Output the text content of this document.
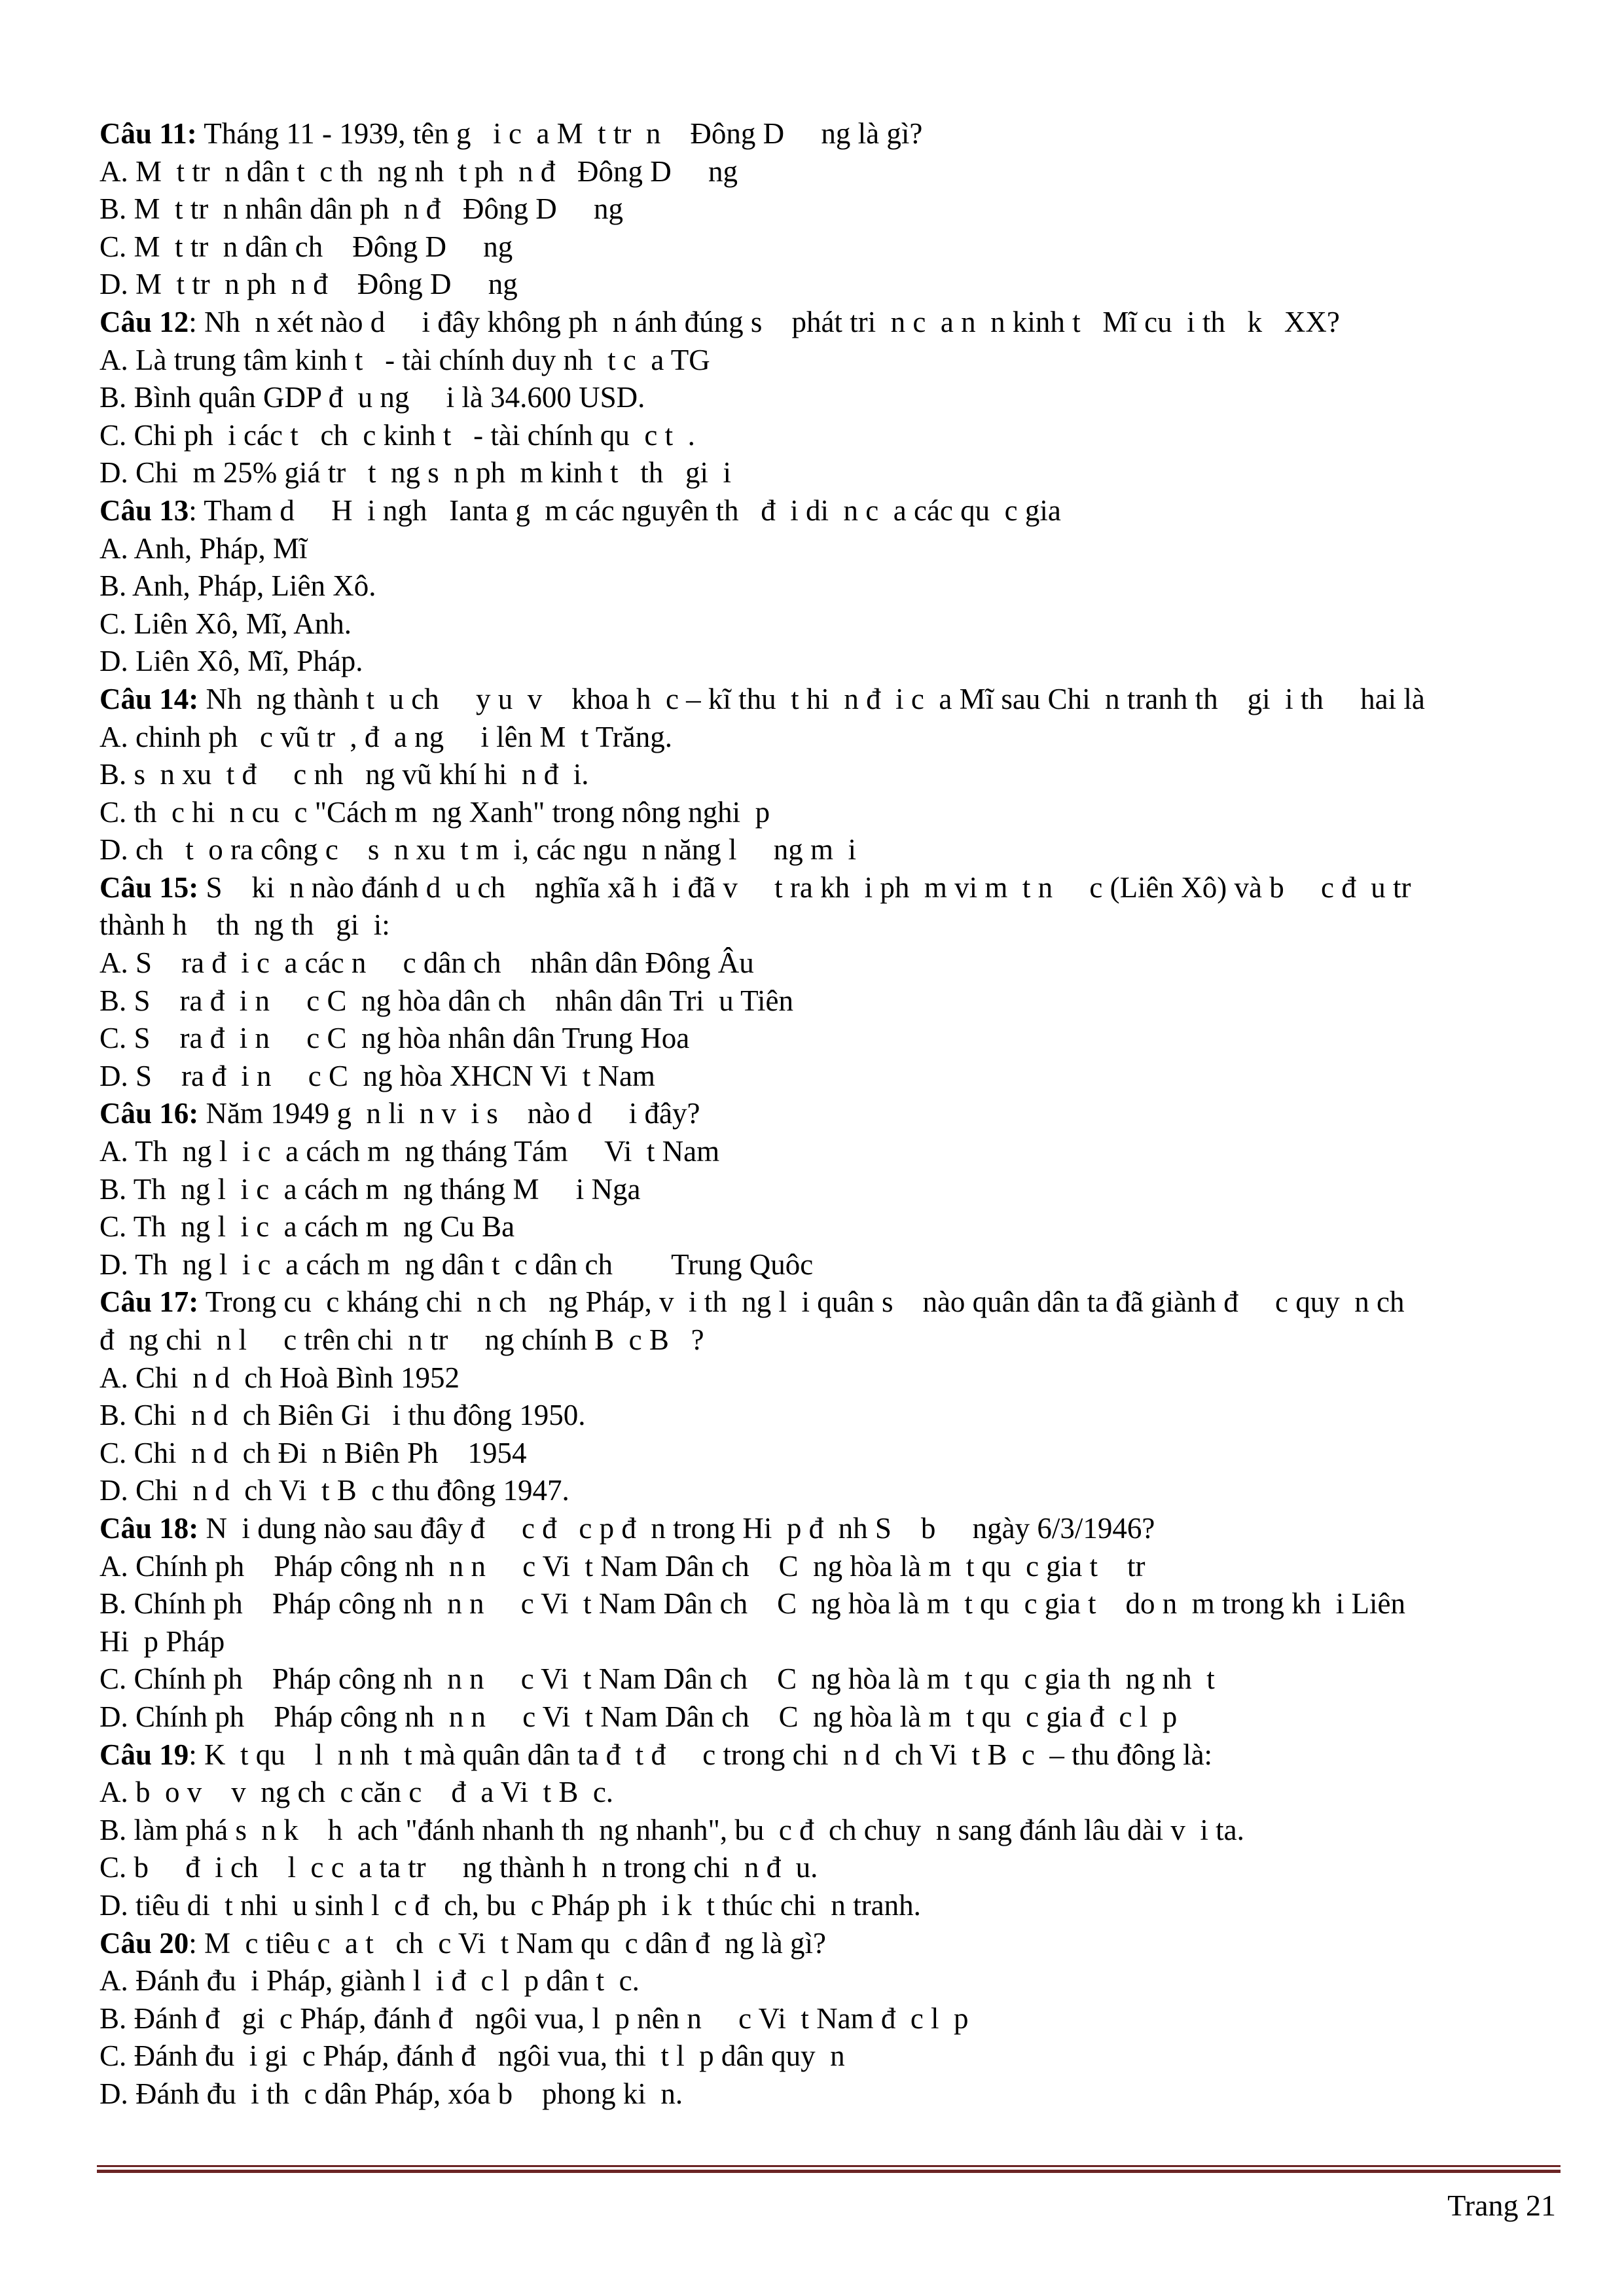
Câu 11: Tháng 11 - 1939, tên g   i c  a M  t tr  n    Đông D     ng là gì?
A. M  t tr  n dân t  c th  ng nh  t ph  n đ   Đông D     ng
B. M  t tr  n nhân dân ph  n đ   Đông D     ng
C. M  t tr  n dân ch    Đông D     ng
D. M  t tr  n ph  n đ    Đông D     ng
Câu 12: Nh  n xét nào d     i đây không ph  n ánh đúng s    phát tri  n c  a n  n kinh t   Mĩ cu  i th   k   XX?
A. Là trung tâm kinh t   - tài chính duy nh  t c  a TG
B. Bình quân GDP đ  u ng     i là 34.600 USD.
C. Chi ph  i các t   ch  c kinh t   - tài chính qu  c t  .
D. Chi  m 25% giá tr   t  ng s  n ph  m kinh t   th   gi  i
Câu 13: Tham d     H  i ngh   Ianta g  m các nguyên th   đ  i di  n c  a các qu  c gia
A. Anh, Pháp, Mĩ
B. Anh, Pháp, Liên Xô.
C. Liên Xô, Mĩ, Anh.
D. Liên Xô, Mĩ, Pháp.
Câu 14: Nh  ng thành t  u ch     y u  v    khoa h  c – kĩ thu  t hi  n đ  i c  a Mĩ sau Chi  n tranh th    gi  i th     hai là
A. chinh ph   c vũ tr  , đ  a ng     i lên M  t Trăng.
B. s  n xu  t đ     c nh   ng vũ khí hi  n đ  i.
C. th  c hi  n cu  c "Cách m  ng Xanh" trong nông nghi  p
D. ch   t  o ra công c    s  n xu  t m  i, các ngu  n năng l     ng m  i
Câu 15: S    ki  n nào đánh d  u ch    nghĩa xã h  i đã v     t ra kh  i ph  m vi m  t n     c (Liên Xô) và b     c đ  u tr
thành h    th  ng th   gi  i:
A. S    ra đ  i c  a các n     c dân ch    nhân dân Đông Âu
B. S    ra đ  i n     c C  ng hòa dân ch    nhân dân Tri  u Tiên
C. S    ra đ  i n     c C  ng hòa nhân dân Trung Hoa
D. S    ra đ  i n     c C  ng hòa XHCN Vi  t Nam
Câu 16: Năm 1949 g  n li  n v  i s    nào d     i đây?
A. Th  ng l  i c  a cách m  ng tháng Tám     Vi  t Nam
B. Th  ng l  i c  a cách m  ng tháng M     i Nga
C. Th  ng l  i c  a cách m  ng Cu Ba
D. Th  ng l  i c  a cách m  ng dân t  c dân ch        Trung Quôc
Câu 17: Trong cu  c kháng chi  n ch   ng Pháp, v  i th  ng l  i quân s    nào quân dân ta đã giành đ     c quy  n ch
đ  ng chi  n l     c trên chi  n tr     ng chính B  c B   ?
A. Chi  n d  ch Hoà Bình 1952
B. Chi  n d  ch Biên Gi   i thu đông 1950.
C. Chi  n d  ch Đi  n Biên Ph    1954
D. Chi  n d  ch Vi  t B  c thu đông 1947.
Câu 18: N  i dung nào sau đây đ     c đ   c p đ  n trong Hi  p đ  nh S    b     ngày 6/3/1946?
A. Chính ph    Pháp công nh  n n     c Vi  t Nam Dân ch    C  ng hòa là m  t qu  c gia t    tr
B. Chính ph    Pháp công nh  n n     c Vi  t Nam Dân ch    C  ng hòa là m  t qu  c gia t    do n  m trong kh  i Liên
Hi  p Pháp
C. Chính ph    Pháp công nh  n n     c Vi  t Nam Dân ch    C  ng hòa là m  t qu  c gia th  ng nh  t
D. Chính ph    Pháp công nh  n n     c Vi  t Nam Dân ch    C  ng hòa là m  t qu  c gia đ  c l  p
Câu 19: K  t qu    l  n nh  t mà quân dân ta đ  t đ     c trong chi  n d  ch Vi  t B  c  – thu đông là:
A. b  o v    v  ng ch  c căn c    đ  a Vi  t B  c.
B. làm phá s  n k    h  ach "đánh nhanh th  ng nhanh", bu  c đ  ch chuy  n sang đánh lâu dài v  i ta.
C. b     đ  i ch    l  c c  a ta tr     ng thành h  n trong chi  n đ  u.
D. tiêu di  t nhi  u sinh l  c đ  ch, bu  c Pháp ph  i k  t thúc chi  n tranh.
Câu 20: M  c tiêu c  a t   ch  c Vi  t Nam qu  c dân đ  ng là gì?
A. Đánh đu  i Pháp, giành l  i đ  c l  p dân t  c.
B. Đánh đ   gi  c Pháp, đánh đ   ngôi vua, l  p nên n     c Vi  t Nam đ  c l  p
C. Đánh đu  i gi  c Pháp, đánh đ   ngôi vua, thi  t l  p dân quy  n
D. Đánh đu  i th  c dân Pháp, xóa b    phong ki  n.
Trang 21
